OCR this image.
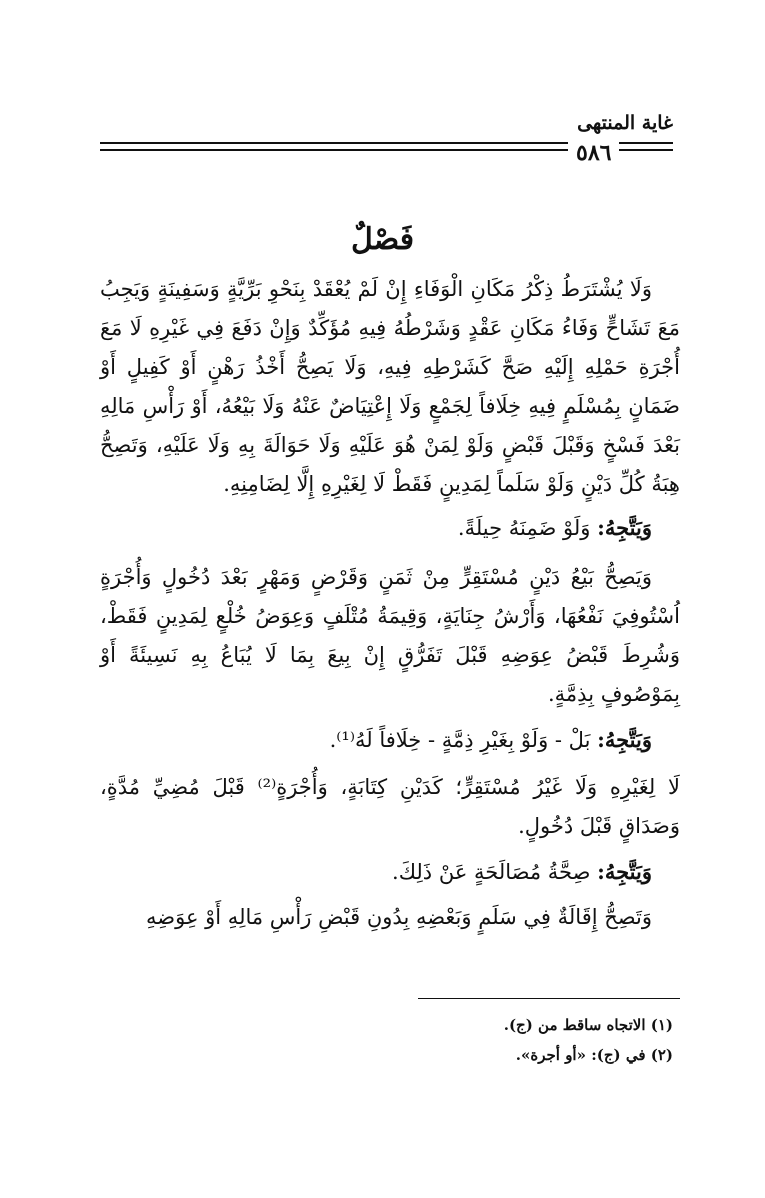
غاية المنتهى
٥٨٦
فَصْلٌ

وَلَا يُشْتَرَطُ ذِكْرُ مَكَانِ الْوَفَاءِ إِنْ لَمْ يُعْقَدْ بِنَحْوِ بَرِّيَّةٍ وَسَفِينَةٍ وَيَجِبُ مَعَ تَشَاحٍّ وَفَاءُ مَكَانِ عَقْدٍ وَشَرْطُهُ فِيهِ مُؤَكِّدٌ وَإِنْ دَفَعَ فِي غَيْرِهِ لَا مَعَ أُجْرَةِ حَمْلِهِ إِلَيْهِ صَحَّ كَشَرْطِهِ فِيهِ، وَلَا يَصِحُّ أَخْذُ رَهْنٍ أَوْ كَفِيلٍ أَوْ ضَمَانٍ بِمُسْلَمٍ فِيهِ خِلَافاً لِجَمْعٍ وَلَا إِعْتِيَاضٌ عَنْهُ وَلَا بَيْعُهُ، أَوْ رَأْسِ مَالِهِ بَعْدَ فَسْخٍ وَقَبْلَ قَبْضٍ وَلَوْ لِمَنْ هُوَ عَلَيْهِ وَلَا حَوَالَةَ بِهِ وَلَا عَلَيْهِ، وَتَصِحُّ هِبَةُ كُلِّ دَيْنٍ وَلَوْ سَلَماً لِمَدِينٍ فَقَطْ لَا لِغَيْرِهِ إِلَّا لِضَامِنِهِ.

وَيَتَّجِهُ: وَلَوْ ضَمِنَهُ حِيلَةً.

وَيَصِحُّ بَيْعُ دَيْنٍ مُسْتَقِرٍّ مِنْ ثَمَنٍ وَقَرْضٍ وَمَهْرٍ بَعْدَ دُخُولٍ وَأُجْرَةٍ اُسْتُوفِيَ نَفْعُهَا، وَأَرْشُ جِنَايَةٍ، وَقِيمَةُ مُتْلَفٍ وَعِوَضُ خُلْعٍ لِمَدِينٍ فَقَطْ، وَشُرِطَ قَبْضُ عِوَضِهِ قَبْلَ تَفَرُّقٍ إِنْ بِيعَ بِمَا لَا يُبَاعُ بِهِ نَسِيئَةً أَوْ بِمَوْصُوفٍ بِذِمَّةٍ.

وَيَتَّجِهُ: بَلْ - وَلَوْ بِغَيْرِ ذِمَّةٍ - خِلَافاً لَهُ⁽¹⁾.

لَا لِغَيْرِهِ وَلَا غَيْرُ مُسْتَقِرٍّ؛ كَدَيْنِ كِتَابَةٍ، وَأُجْرَةٍ⁽²⁾ قَبْلَ مُضِيِّ مُدَّةٍ، وَصَدَاقٍ قَبْلَ دُخُولٍ.

وَيَتَّجِهُ: صِحَّةُ مُصَالَحَةٍ عَنْ ذَلِكَ.

وَتَصِحُّ إِقَالَةٌ فِي سَلَمٍ وَبَعْضِهِ بِدُونِ قَبْضِ رَأْسِ مَالِهِ أَوْ عِوَضِهِ

(١) الاتجاه ساقط من (ج).

(٢) في (ج): «أو أجرة».
